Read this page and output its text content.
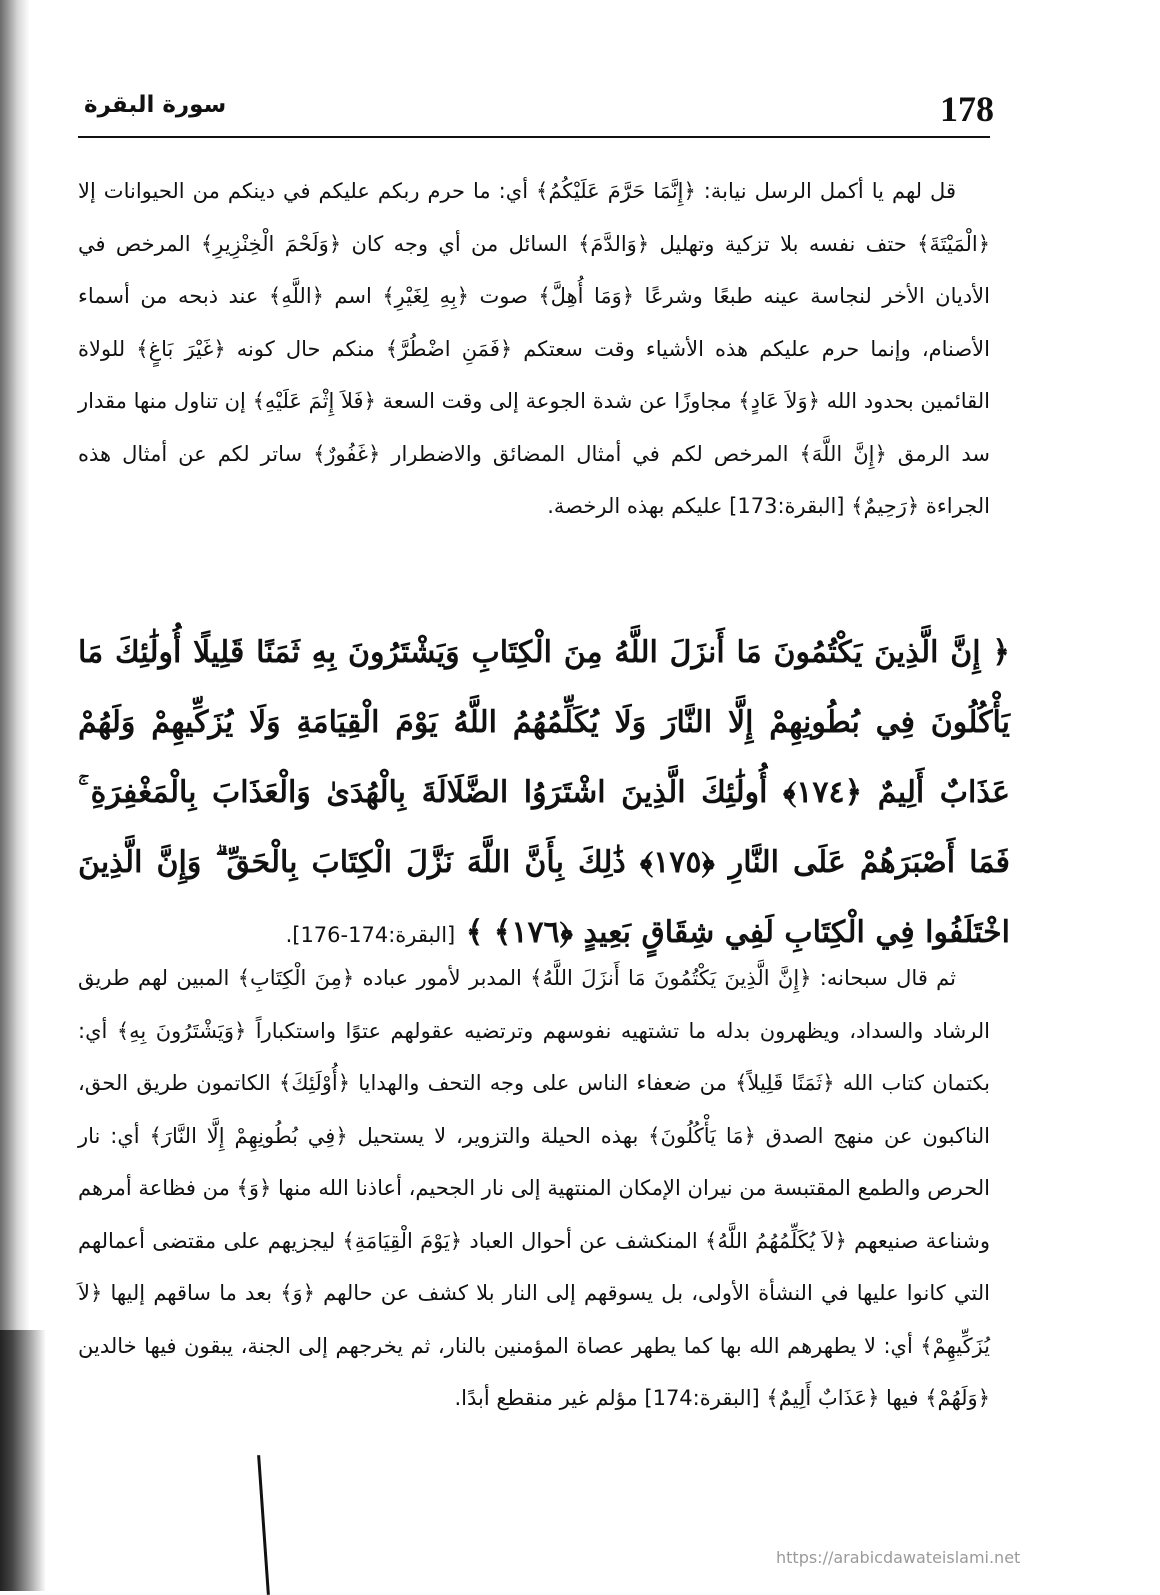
178
سورة البقرة

قل لهم يا أكمل الرسل نيابة: ﴿إِنَّمَا حَرَّمَ عَلَيْكُمُ﴾ أي: ما حرم ربكم عليكم في دينكم من الحيوانات إلا ﴿الْمَيْتَةَ﴾ حتف نفسه بلا تزكية وتهليل ﴿وَالدَّمَ﴾ السائل من أي وجه كان ﴿وَلَحْمَ الْخِنْزِيرِ﴾ المرخص في الأديان الأخر لنجاسة عينه طبعًا وشرعًا ﴿وَمَا أُهِلَّ﴾ صوت ﴿بِهِ لِغَيْرِ﴾ اسم ﴿اللَّهِ﴾ عند ذبحه من أسماء الأصنام، وإنما حرم عليكم هذه الأشياء وقت سعتكم ﴿فَمَنِ اضْطُرَّ﴾ منكم حال كونه ﴿غَيْرَ بَاغٍ﴾ للولاة القائمين بحدود الله ﴿وَلاَ عَادٍ﴾ مجاوزًا عن شدة الجوعة إلى وقت السعة ﴿فَلاَ إِثْمَ عَلَيْهِ﴾ إن تناول منها مقدار سد الرمق ﴿إِنَّ اللَّهَ﴾ المرخص لكم في أمثال المضائق والاضطرار ﴿غَفُورٌ﴾ ساتر لكم عن أمثال هذه الجراءة ﴿رَحِيمٌ﴾ [البقرة:173] عليكم بهذه الرخصة.

﴿ إِنَّ الَّذِينَ يَكْتُمُونَ مَا أَنزَلَ اللَّهُ مِنَ الْكِتَابِ وَيَشْتَرُونَ بِهِ ثَمَنًا قَلِيلًا أُولَٰئِكَ مَا يَأْكُلُونَ فِي بُطُونِهِمْ إِلَّا النَّارَ وَلَا يُكَلِّمُهُمُ اللَّهُ يَوْمَ الْقِيَامَةِ وَلَا يُزَكِّيهِمْ وَلَهُمْ عَذَابٌ أَلِيمٌ ﴿١٧٤﴾ أُولَٰئِكَ الَّذِينَ اشْتَرَوُا الضَّلَالَةَ بِالْهُدَىٰ وَالْعَذَابَ بِالْمَغْفِرَةِ ۚ فَمَا أَصْبَرَهُمْ عَلَى النَّارِ ﴿١٧٥﴾ ذَٰلِكَ بِأَنَّ اللَّهَ نَزَّلَ الْكِتَابَ بِالْحَقِّ ۗ وَإِنَّ الَّذِينَ اخْتَلَفُوا فِي الْكِتَابِ لَفِي شِقَاقٍ بَعِيدٍ ﴿١٧٦﴾ ﴾ [البقرة:174-176].

ثم قال سبحانه: ﴿إِنَّ الَّذِينَ يَكْتُمُونَ مَا أَنزَلَ اللَّهُ﴾ المدبر لأمور عباده ﴿مِنَ الْكِتَابِ﴾ المبين لهم طريق الرشاد والسداد، ويظهرون بدله ما تشتهيه نفوسهم وترتضيه عقولهم عتوًا واستكباراً ﴿وَيَشْتَرُونَ بِهِ﴾ أي: بكتمان كتاب الله ﴿ثَمَنًا قَلِيلاً﴾ من ضعفاء الناس على وجه التحف والهدايا ﴿أُوْلَئِكَ﴾ الكاتمون طريق الحق، الناكبون عن منهج الصدق ﴿مَا يَأْكُلُونَ﴾ بهذه الحيلة والتزوير، لا يستحيل ﴿فِي بُطُونِهِمْ إِلَّا النَّارَ﴾ أي: نار الحرص والطمع المقتبسة من نيران الإمكان المنتهية إلى نار الجحيم، أعاذنا الله منها ﴿وَ﴾ من فظاعة أمرهم وشناعة صنيعهم ﴿لاَ يُكَلِّمُهُمُ اللَّهُ﴾ المنكشف عن أحوال العباد ﴿يَوْمَ الْقِيَامَةِ﴾ ليجزيهم على مقتضى أعمالهم التي كانوا عليها في النشأة الأولى، بل يسوقهم إلى النار بلا كشف عن حالهم ﴿وَ﴾ بعد ما ساقهم إليها ﴿لاَ يُزَكِّيهِمْ﴾ أي: لا يطهرهم الله بها كما يطهر عصاة المؤمنين بالنار، ثم يخرجهم إلى الجنة، يبقون فيها خالدين ﴿وَلَهُمْ﴾ فيها ﴿عَذَابٌ أَلِيمٌ﴾ [البقرة:174] مؤلم غير منقطع أبدًا.

https://arabicdawateislami.net
